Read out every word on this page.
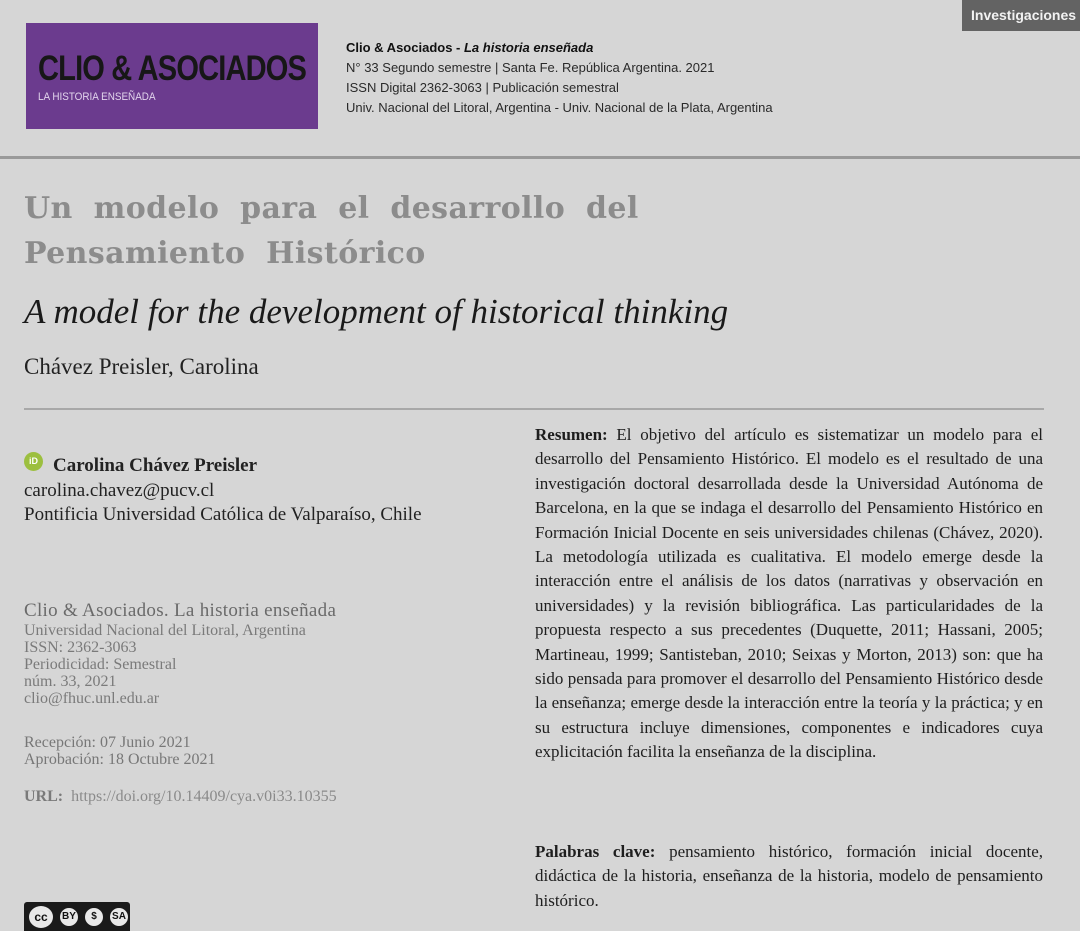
Investigaciones
CLIO & ASOCIADOS
LA HISTORIA ENSEÑADA
Clio & Asociados - La historia enseñada
N° 33 Segundo semestre | Santa Fe. República Argentina. 2021
ISSN Digital 2362-3063 | Publicación semestral
Univ. Nacional del Litoral, Argentina - Univ. Nacional de la Plata, Argentina
Un modelo para el desarrollo del Pensamiento Histórico
A model for the development of historical thinking
Chávez Preisler, Carolina
iD Carolina Chávez Preisler
carolina.chavez@pucv.cl
Pontificia Universidad Católica de Valparaíso, Chile
Clio & Asociados. La historia enseñada
Universidad Nacional del Litoral, Argentina
ISSN: 2362-3063
Periodicidad: Semestral
núm. 33, 2021
clio@fhuc.unl.edu.ar
Recepción: 07 Junio 2021
Aprobación: 18 Octubre 2021
URL: https://doi.org/10.14409/cya.v0i33.10355
Resumen: El objetivo del artículo es sistematizar un modelo para el desarrollo del Pensamiento Histórico. El modelo es el resultado de una investigación doctoral desarrollada desde la Universidad Autónoma de Barcelona, en la que se indaga el desarrollo del Pensamiento Histórico en Formación Inicial Docente en seis universidades chilenas (Chávez, 2020). La metodología utilizada es cualitativa. El modelo emerge desde la interacción entre el análisis de los datos (narrativas y observación en universidades) y la revisión bibliográfica. Las particularidades de la propuesta respecto a sus precedentes (Duquette, 2011; Hassani, 2005; Martineau, 1999; Santisteban, 2010; Seixas y Morton, 2013) son: que ha sido pensada para promover el desarrollo del Pensamiento Histórico desde la enseñanza; emerge desde la interacción entre la teoría y la práctica; y en su estructura incluye dimensiones, componentes e indicadores cuya explicitación facilita la enseñanza de la disciplina.
Palabras clave: pensamiento histórico, formación inicial docente, didáctica de la historia, enseñanza de la historia, modelo de pensamiento histórico.
cc	BY	$	SA
